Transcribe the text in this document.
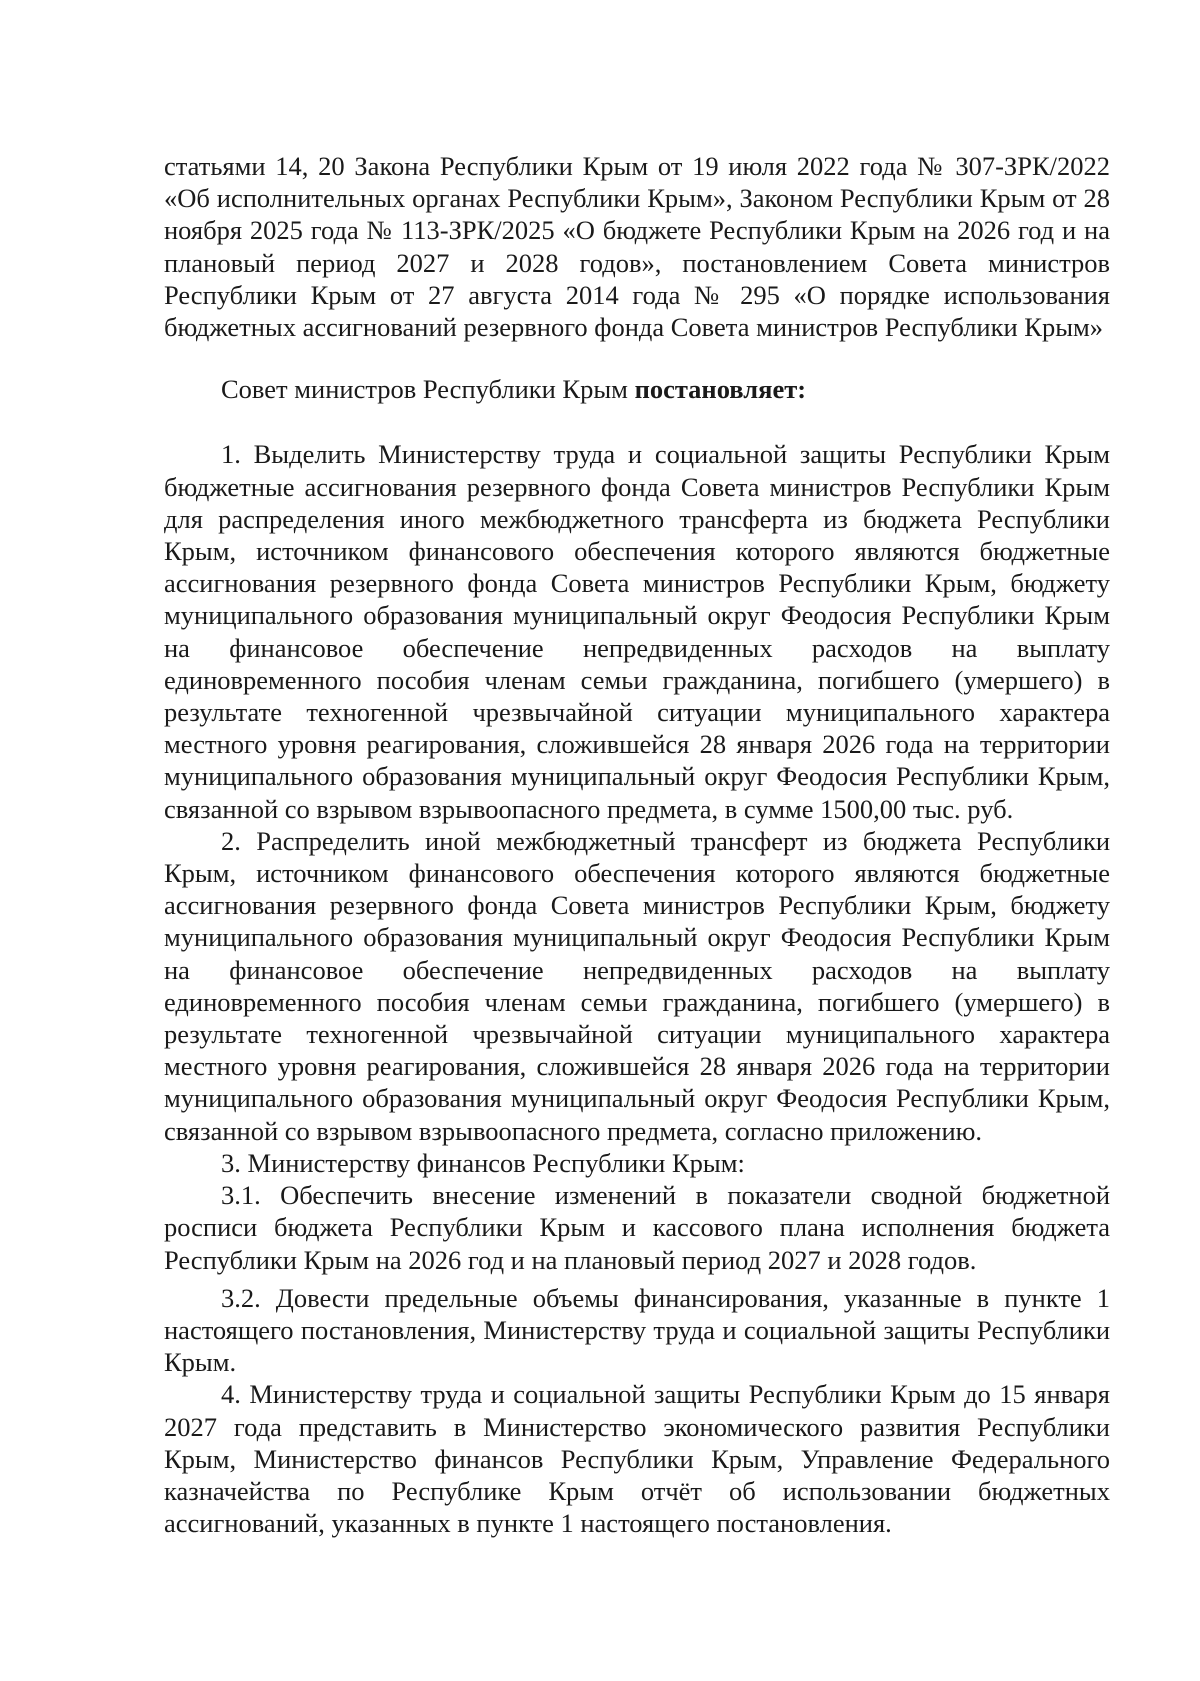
статьями 14, 20 Закона Республики Крым от 19 июля 2022 года № 307-ЗРК/2022 «Об исполнительных органах Республики Крым», Законом Республики Крым от 28 ноября 2025 года № 113-ЗРК/2025 «О бюджете Республики Крым на 2026 год и на плановый период 2027 и 2028 годов», постановлением Совета министров Республики Крым от 27 августа 2014 года № 295 «О порядке использования бюджетных ассигнований резервного фонда Совета министров Республики Крым»

Совет министров Республики Крым постановляет:

1. Выделить Министерству труда и социальной защиты Республики Крым бюджетные ассигнования резервного фонда Совета министров Республики Крым для распределения иного межбюджетного трансферта из бюджета Республики Крым, источником финансового обеспечения которого являются бюджетные ассигнования резервного фонда Совета министров Республики Крым, бюджету муниципального образования муниципальный округ Феодосия Республики Крым на финансовое обеспечение непредвиденных расходов на выплату единовременного пособия членам семьи гражданина, погибшего (умершего) в результате техногенной чрезвычайной ситуации муниципального характера местного уровня реагирования, сложившейся 28 января 2026 года на территории муниципального образования муниципальный округ Феодосия Республики Крым, связанной со взрывом взрывоопасного предмета, в сумме 1500,00 тыс. руб.

2. Распределить иной межбюджетный трансферт из бюджета Республики Крым, источником финансового обеспечения которого являются бюджетные ассигнования резервного фонда Совета министров Республики Крым, бюджету муниципального образования муниципальный округ Феодосия Республики Крым на финансовое обеспечение непредвиденных расходов на выплату единовременного пособия членам семьи гражданина, погибшего (умершего) в результате техногенной чрезвычайной ситуации муниципального характера местного уровня реагирования, сложившейся 28 января 2026 года на территории муниципального образования муниципальный округ Феодосия Республики Крым, связанной со взрывом взрывоопасного предмета, согласно приложению.

3. Министерству финансов Республики Крым:

3.1. Обеспечить внесение изменений в показатели сводной бюджетной росписи бюджета Республики Крым и кассового плана исполнения бюджета Республики Крым на 2026 год и на плановый период 2027 и 2028 годов.

3.2. Довести предельные объемы финансирования, указанные в пункте 1 настоящего постановления, Министерству труда и социальной защиты Республики Крым.

4. Министерству труда и социальной защиты Республики Крым до 15 января 2027 года представить в Министерство экономического развития Республики Крым, Министерство финансов Республики Крым, Управление Федерального казначейства по Республике Крым отчёт об использовании бюджетных ассигнований, указанных в пункте 1 настоящего постановления.
